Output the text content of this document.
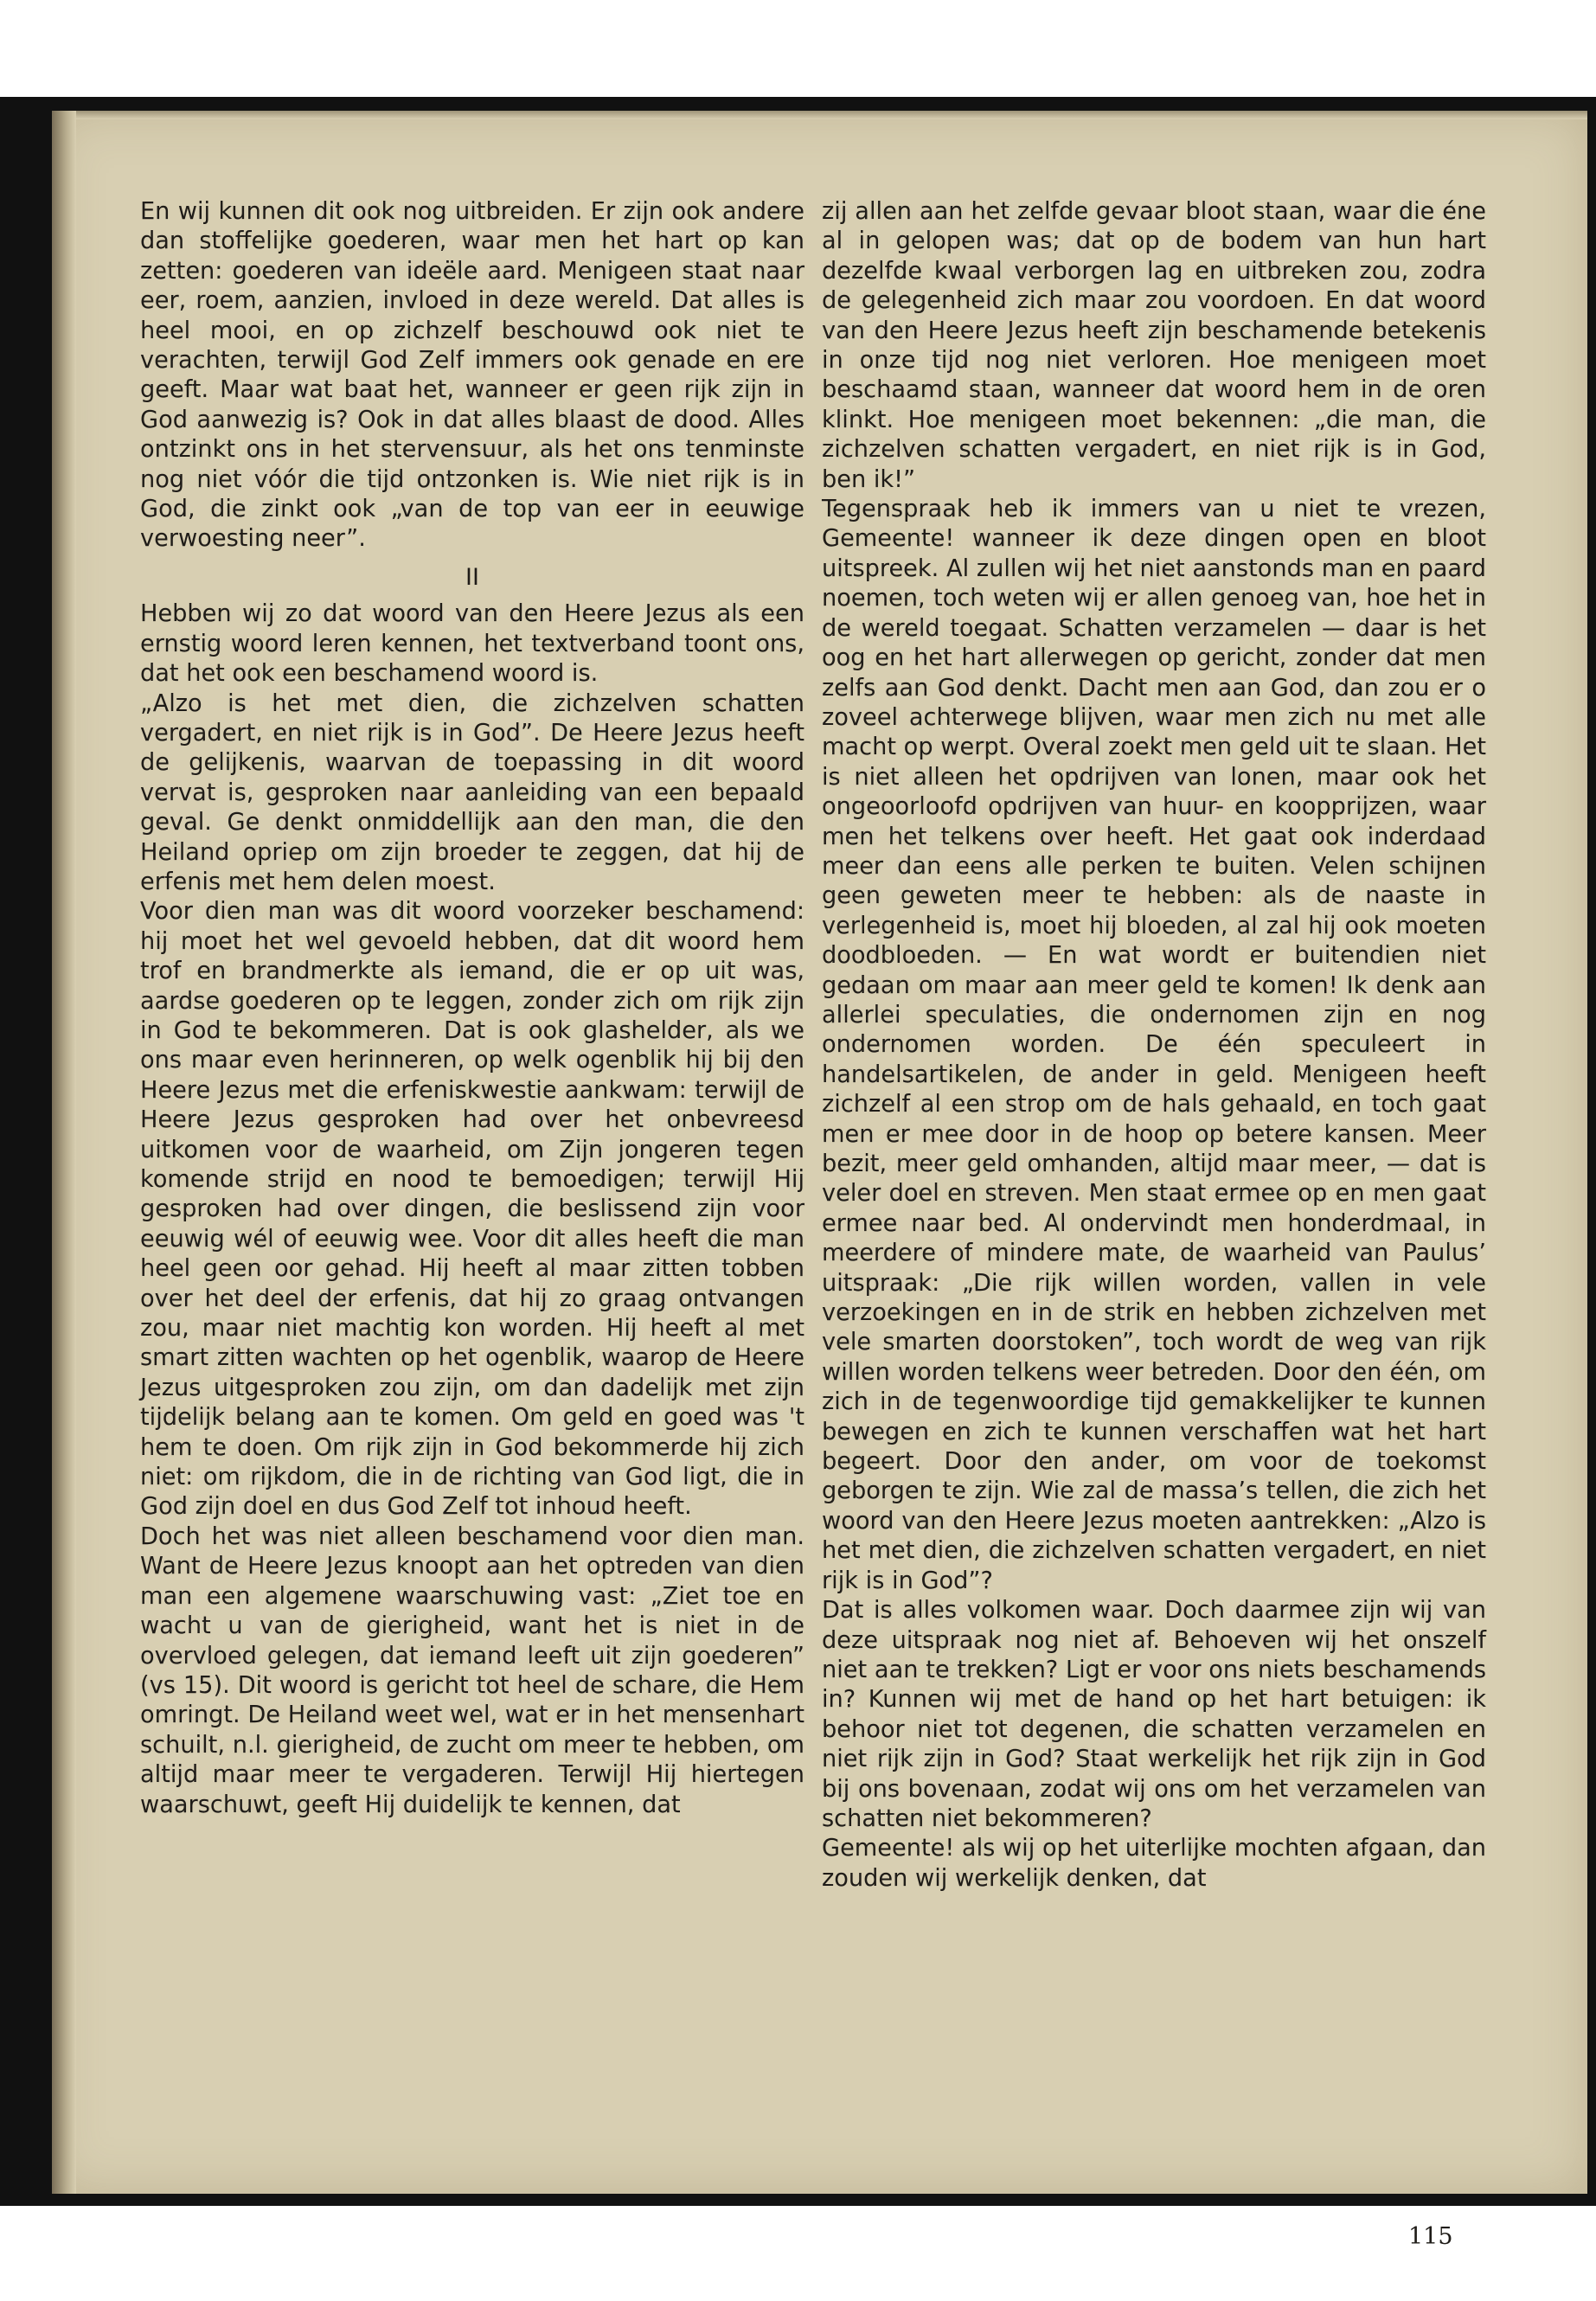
En wij kunnen dit ook nog uitbreiden. Er zijn ook andere dan stoffelijke goederen, waar men het hart op kan zetten: goederen van ideële aard. Menigeen staat naar eer, roem, aanzien, invloed in deze wereld. Dat alles is heel mooi, en op zichzelf beschouwd ook niet te verachten, terwijl God Zelf immers ook genade en ere geeft. Maar wat baat het, wanneer er geen rijk zijn in God aanwezig is? Ook in dat alles blaast de dood. Alles ontzinkt ons in het stervensuur, als het ons tenminste nog niet vóór die tijd ontzonken is. Wie niet rijk is in God, die zinkt ook „van de top van eer in eeuwige verwoesting neer”.

II

Hebben wij zo dat woord van den Heere Jezus als een ernstig woord leren kennen, het textverband toont ons, dat het ook een beschamend woord is.

„Alzo is het met dien, die zichzelven schatten vergadert, en niet rijk is in God”. De Heere Jezus heeft de gelijkenis, waarvan de toepassing in dit woord vervat is, gesproken naar aanleiding van een bepaald geval. Ge denkt onmiddellijk aan den man, die den Heiland opriep om zijn broeder te zeggen, dat hij de erfenis met hem delen moest.

Voor dien man was dit woord voorzeker beschamend: hij moet het wel gevoeld hebben, dat dit woord hem trof en brandmerkte als iemand, die er op uit was, aardse goederen op te leggen, zonder zich om rijk zijn in God te bekommeren. Dat is ook glashelder, als we ons maar even herinneren, op welk ogenblik hij bij den Heere Jezus met die erfeniskwestie aankwam: terwijl de Heere Jezus gesproken had over het onbevreesd uitkomen voor de waarheid, om Zijn jongeren tegen komende strijd en nood te bemoedigen; terwijl Hij gesproken had over dingen, die beslissend zijn voor eeuwig wél of eeuwig wee. Voor dit alles heeft die man heel geen oor gehad. Hij heeft al maar zitten tobben over het deel der erfenis, dat hij zo graag ontvangen zou, maar niet machtig kon worden. Hij heeft al met smart zitten wachten op het ogenblik, waarop de Heere Jezus uitgesproken zou zijn, om dan dadelijk met zijn tijdelijk belang aan te komen. Om geld en goed was 't hem te doen. Om rijk zijn in God bekommerde hij zich niet: om rijkdom, die in de richting van God ligt, die in God zijn doel en dus God Zelf tot inhoud heeft.

Doch het was niet alleen beschamend voor dien man. Want de Heere Jezus knoopt aan het optreden van dien man een algemene waarschuwing vast: „Ziet toe en wacht u van de gierigheid, want het is niet in de overvloed gelegen, dat iemand leeft uit zijn goederen” (vs 15). Dit woord is gericht tot heel de schare, die Hem omringt. De Heiland weet wel, wat er in het mensenhart schuilt, n.l. gierigheid, de zucht om meer te hebben, om altijd maar meer te vergaderen. Terwijl Hij hiertegen waarschuwt, geeft Hij duidelijk te kennen, dat

zij allen aan het zelfde gevaar bloot staan, waar die éne al in gelopen was; dat op de bodem van hun hart dezelfde kwaal verborgen lag en uitbreken zou, zodra de gelegenheid zich maar zou voordoen. En dat woord van den Heere Jezus heeft zijn beschamende betekenis in onze tijd nog niet verloren. Hoe menigeen moet beschaamd staan, wanneer dat woord hem in de oren klinkt. Hoe menigeen moet bekennen: „die man, die zichzelven schatten vergadert, en niet rijk is in God, ben ik!”

Tegenspraak heb ik immers van u niet te vrezen, Gemeente! wanneer ik deze dingen open en bloot uitspreek. Al zullen wij het niet aanstonds man en paard noemen, toch weten wij er allen genoeg van, hoe het in de wereld toegaat. Schatten verzamelen — daar is het oog en het hart allerwegen op gericht, zonder dat men zelfs aan God denkt. Dacht men aan God, dan zou er o zoveel achterwege blijven, waar men zich nu met alle macht op werpt. Overal zoekt men geld uit te slaan. Het is niet alleen het opdrijven van lonen, maar ook het ongeoorloofd opdrijven van huur- en koopprijzen, waar men het telkens over heeft. Het gaat ook inderdaad meer dan eens alle perken te buiten. Velen schijnen geen geweten meer te hebben: als de naaste in verlegenheid is, moet hij bloeden, al zal hij ook moeten doodbloeden. — En wat wordt er buitendien niet gedaan om maar aan meer geld te komen! Ik denk aan allerlei speculaties, die ondernomen zijn en nog ondernomen worden. De één speculeert in handelsartikelen, de ander in geld. Menigeen heeft zichzelf al een strop om de hals gehaald, en toch gaat men er mee door in de hoop op betere kansen. Meer bezit, meer geld omhanden, altijd maar meer, — dat is veler doel en streven. Men staat ermee op en men gaat ermee naar bed. Al ondervindt men honderdmaal, in meerdere of mindere mate, de waarheid van Paulus’ uitspraak: „Die rijk willen worden, vallen in vele verzoekingen en in de strik en hebben zichzelven met vele smarten doorstoken”, toch wordt de weg van rijk willen worden telkens weer betreden. Door den één, om zich in de tegenwoordige tijd gemakkelijker te kunnen bewegen en zich te kunnen verschaffen wat het hart begeert. Door den ander, om voor de toekomst geborgen te zijn. Wie zal de massa’s tellen, die zich het woord van den Heere Jezus moeten aantrekken: „Alzo is het met dien, die zichzelven schatten vergadert, en niet rijk is in God”?

Dat is alles volkomen waar. Doch daarmee zijn wij van deze uitspraak nog niet af. Behoeven wij het onszelf niet aan te trekken? Ligt er voor ons niets beschamends in? Kunnen wij met de hand op het hart betuigen: ik behoor niet tot degenen, die schatten verzamelen en niet rijk zijn in God? Staat werkelijk het rijk zijn in God bij ons bovenaan, zodat wij ons om het verzamelen van schatten niet bekommeren?

Gemeente! als wij op het uiterlijke mochten afgaan, dan zouden wij werkelijk denken, dat

115
